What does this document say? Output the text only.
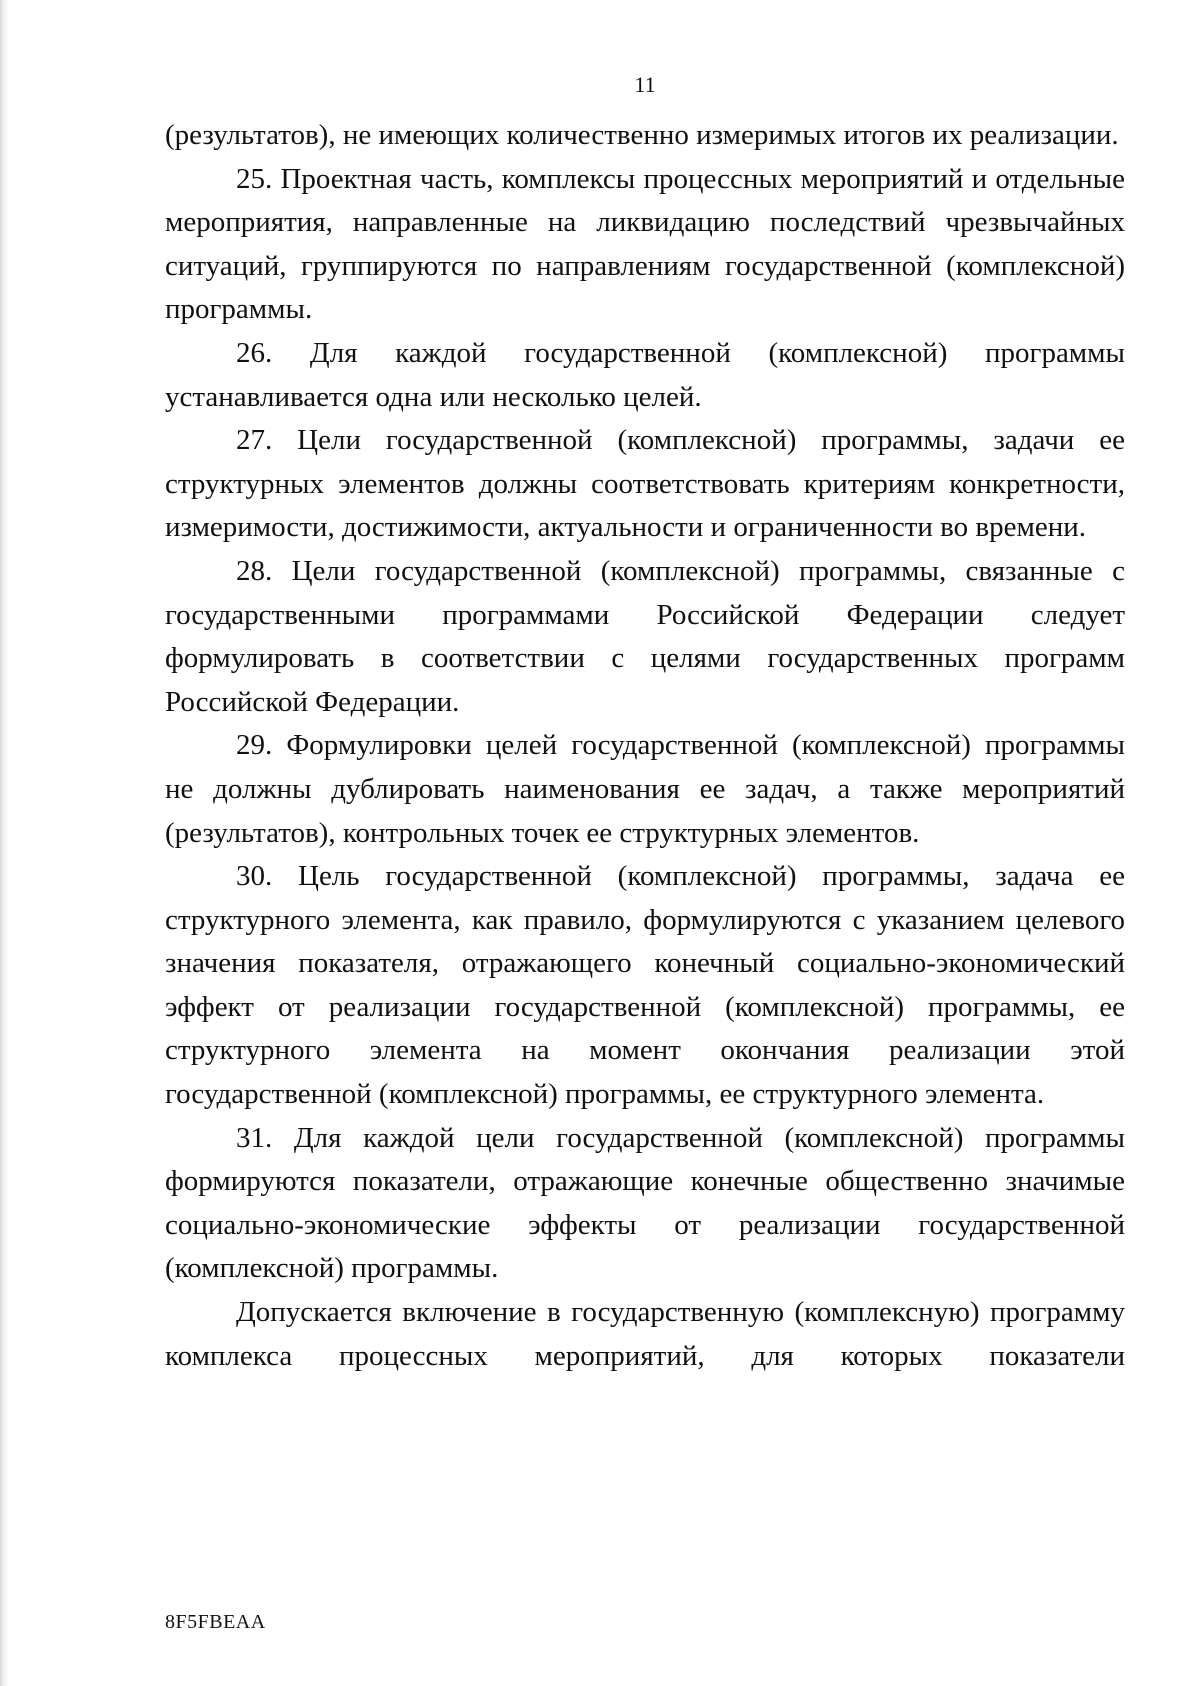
11

(результатов), не имеющих количественно измеримых итогов их реализации.

25. Проектная часть, комплексы процессных мероприятий и отдельные мероприятия, направленные на ликвидацию последствий чрезвычайных ситуаций, группируются по направлениям государственной (комплексной) программы.

26. Для каждой государственной (комплексной) программы устанавливается одна или несколько целей.

27. Цели государственной (комплексной) программы, задачи ее структурных элементов должны соответствовать критериям конкретности, измеримости, достижимости, актуальности и ограниченности во времени.

28. Цели государственной (комплексной) программы, связанные с государственными программами Российской Федерации следует формулировать в соответствии с целями государственных программ Российской Федерации.

29. Формулировки целей государственной (комплексной) программы не должны дублировать наименования ее задач, а также мероприятий (результатов), контрольных точек ее структурных элементов.

30. Цель государственной (комплексной) программы, задача ее структурного элемента, как правило, формулируются с указанием целевого значения показателя, отражающего конечный социально-экономический эффект от реализации государственной (комплексной) программы, ее структурного элемента на момент окончания реализации этой государственной (комплексной) программы, ее структурного элемента.

31. Для каждой цели государственной (комплексной) программы формируются показатели, отражающие конечные общественно значимые социально-экономические эффекты от реализации государственной (комплексной) программы.

Допускается включение в государственную (комплексную) программу комплекса процессных мероприятий, для которых показатели

8F5FBEAA
